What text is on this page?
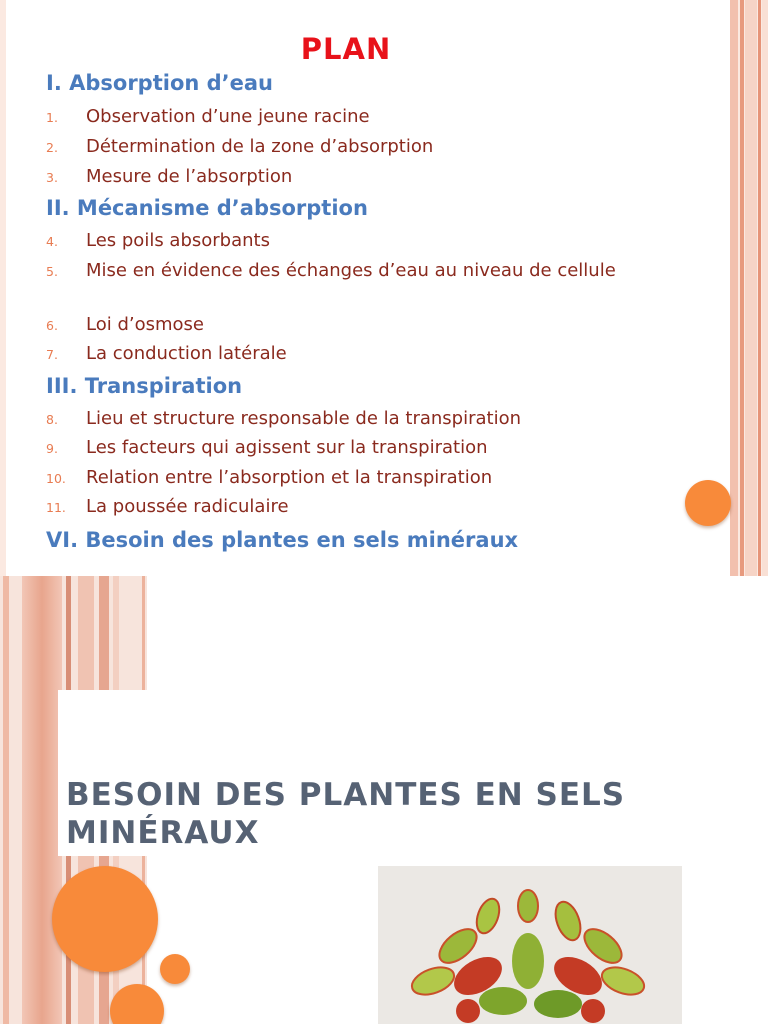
PLAN
I. Absorption d’eau
1.	Observation d’une jeune racine
2.	Détermination de la zone d’absorption
3.	Mesure de l’absorption
II. Mécanisme d’absorption
4.	Les poils absorbants
5.	Mise en évidence des échanges d’eau au niveau de cellule
6.	Loi d’osmose
7.	La conduction latérale
III. Transpiration
8.	Lieu et structure responsable de la transpiration
9.	Les facteurs qui agissent sur la transpiration
10.	Relation entre l’absorption et la transpiration
11.	La poussée radiculaire
VI. Besoin des plantes en sels minéraux
BESOIN DES PLANTES EN SELS MINÉRAUX
